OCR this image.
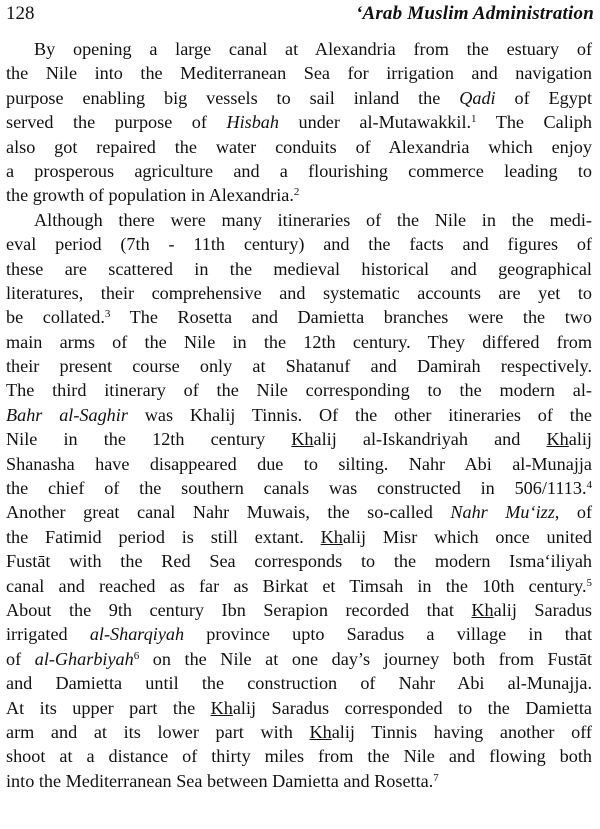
128	‘Arab Muslim Administration
By opening a large canal at Alexandria from the estuary of
the Nile into the Mediterranean Sea for irrigation and navigation
purpose enabling big vessels to sail inland the Qadi of Egypt
served the purpose of Hisbah under al-Mutawakkil.$^1$ The Caliph
also got repaired the water conduits of Alexandria which enjoy
a prosperous agriculture and a flourishing commerce leading to
the growth of population in Alexandria.$^2$
Although there were many itineraries of the Nile in the medi-
eval period (7th - 11th century) and the facts and figures of
these are scattered in the medieval historical and geographical
literatures, their comprehensive and systematic accounts are yet to
be collated.$^3$ The Rosetta and Damietta branches were the two
main arms of the Nile in the 12th century. They differed from
their present course only at Shatanuf and Damirah respectively.
The third itinerary of the Nile corresponding to the modern al-
Bahr al-Saghir was Khalij Tinnis. Of the other itineraries of the
Nile in the 12th century Khalij al-Iskandriyah and Khalij
Shanasha have disappeared due to silting. Nahr Abi al-Munajja
the chief of the southern canals was constructed in 506/1113.$^4$
Another great canal Nahr Muwais, the so-called Nahr Mu‘izz, of
the Fatimid period is still extant. Khalij Misr which once united
Fustāt with the Red Sea corresponds to the modern Isma‘iliyah
canal and reached as far as Birkat et Timsah in the 10th century.$^5$
About the 9th century Ibn Serapion recorded that Khalij Saradus
irrigated al-Sharqiyah province upto Saradus a village in that
of al-Gharbiyah$^6$ on the Nile at one day’s journey both from Fustāt
and Damietta until the construction of Nahr Abi al-Munajja.
At its upper part the Khalij Saradus corresponded to the Damietta
arm and at its lower part with Khalij Tinnis having another off
shoot at a distance of thirty miles from the Nile and flowing both
into the Mediterranean Sea between Damietta and Rosetta.$^7$
